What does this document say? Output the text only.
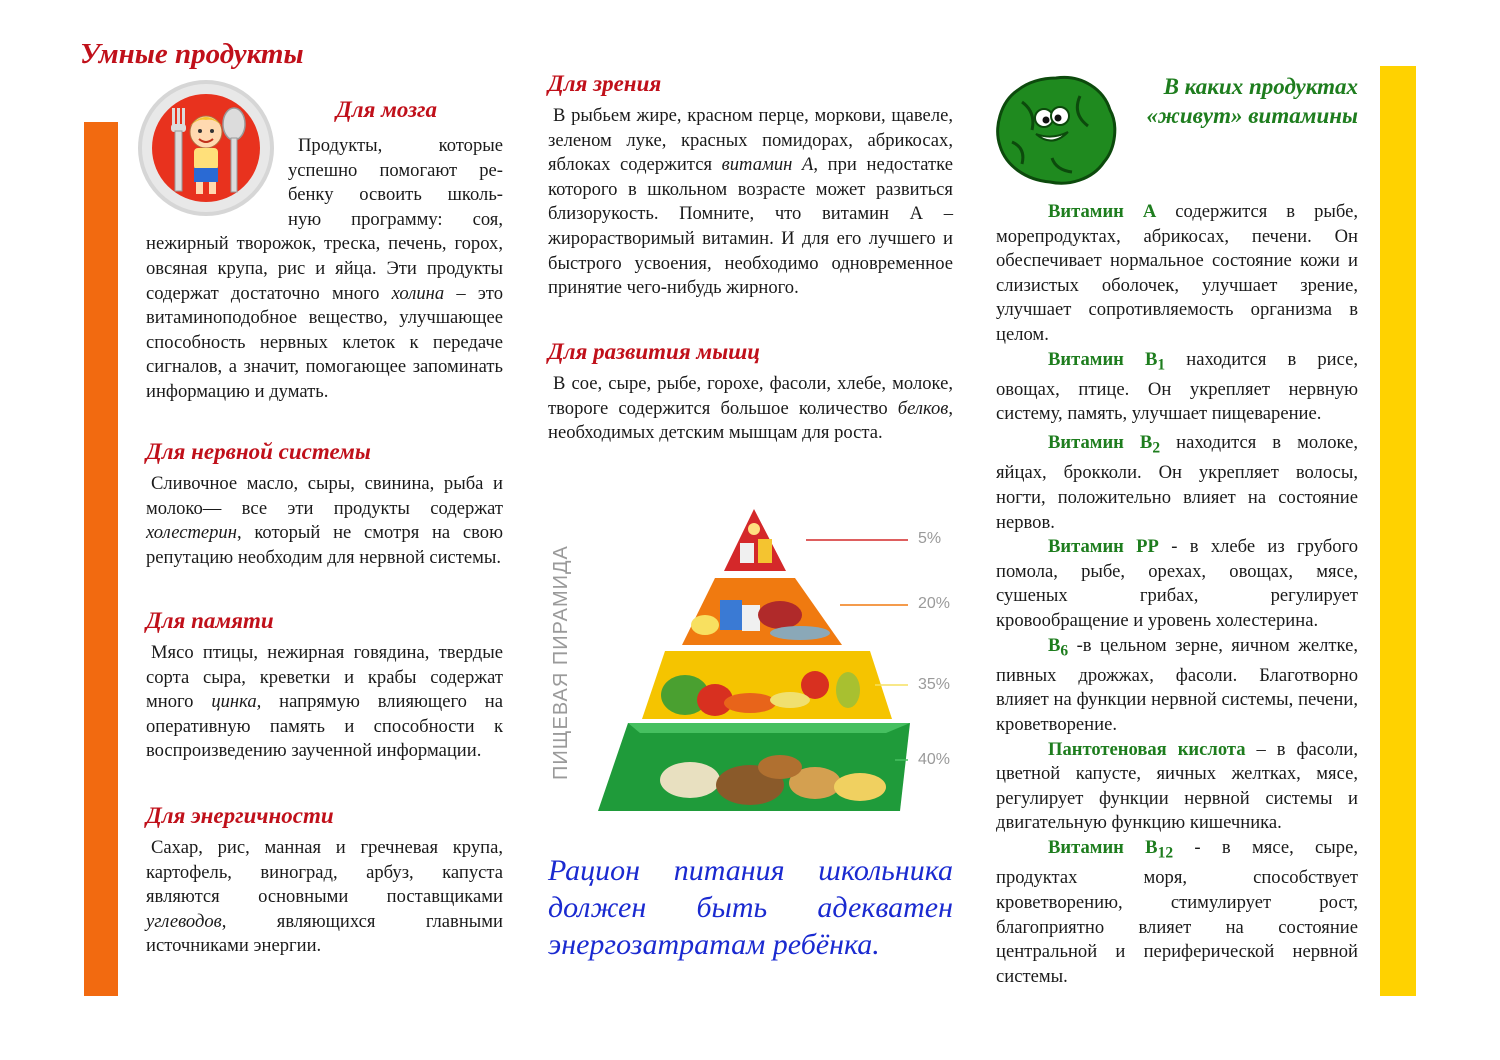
Умные продукты
Для мозга

Продукты, которые

успешно помогают ре-

бенку освоить школь-

ную программу: соя,

нежирный творожок, треска, печень, горох, овсяная крупа, рис и яйца. Эти продукты содержат достаточно много холина – это витаминоподобное вещество, улучшающее способность нервных клеток к передаче сигналов, а значит, помогающее запоминать информацию и думать.

Для нервной системы

Сливочное масло, сыры, свинина, рыба и молоко— все эти продукты содержат холестерин, который не смотря на свою репутацию необходим для нервной системы.

Для памяти

Мясо птицы, нежирная говядина, твердые сорта сыра, креветки и крабы содержат много цинка, напрямую влияющего на оперативную память и способности к воспроизведению заученной информации.

Для энергичности

Сахар, рис, манная и гречневая крупа, картофель, виноград, арбуз, капуста являются основными поставщиками углеводов, являющихся главными источниками энергии.

Для зрения

В рыбьем жире, красном перце, моркови, щавеле, зеленом луке, красных помидорах, абрикосах, яблоках содержится витамин А, при недостатке которого в школьном возрасте может развиться близорукость. Помните, что витамин А – жирорастворимый витамин. И для его лучшего и быстрого усвоения, необходимо одновременное принятие чего-нибудь жирного.

Для развития мышц

В сое, сыре, рыбе, горохе, фасоли, хлебе, молоке, твороге содержится большое количество белков, необходимых детским мышцам для роста.

ПИЩЕВАЯ ПИРАМИДА
5%
20%
35%
40%
Рацион питания школьника должен быть адекватен энергозатратам ребёнка.

В каких продуктах

«живут» витамины

Витамин А содержится в рыбе, морепродуктах, абрикосах, печени. Он обеспечивает нормальное состояние кожи и слизистых оболочек, улучшает зрение, улучшает сопротивляемость организма в целом.

Витамин $B_1$ находится в рисе, овощах, птице. Он укрепляет нервную систему, память, улучшает пищеварение.

Витамин $B_2$ находится в молоке, яйцах, брокколи. Он укрепляет волосы, ногти, положительно влияет на состояние нервов.

Витамин PP - в хлебе из грубого помола, рыбе, орехах, овощах, мясе, сушеных грибах, регулирует кровообращение и уровень холестерина.

$B_6$ -в цельном зерне, яичном желтке, пивных дрожжах, фасоли. Благотворно влияет на функции нервной системы, печени, кроветворение.

Пантотеновая кислота – в фасоли, цветной капусте, яичных желтках, мясе, регулирует функции нервной системы и двигательную функцию кишечника.

Витамин $B_{12}$ - в мясе, сыре, продуктах моря, способствует кроветворению, стимулирует рост, благоприятно влияет на состояние центральной и периферической нервной системы.
